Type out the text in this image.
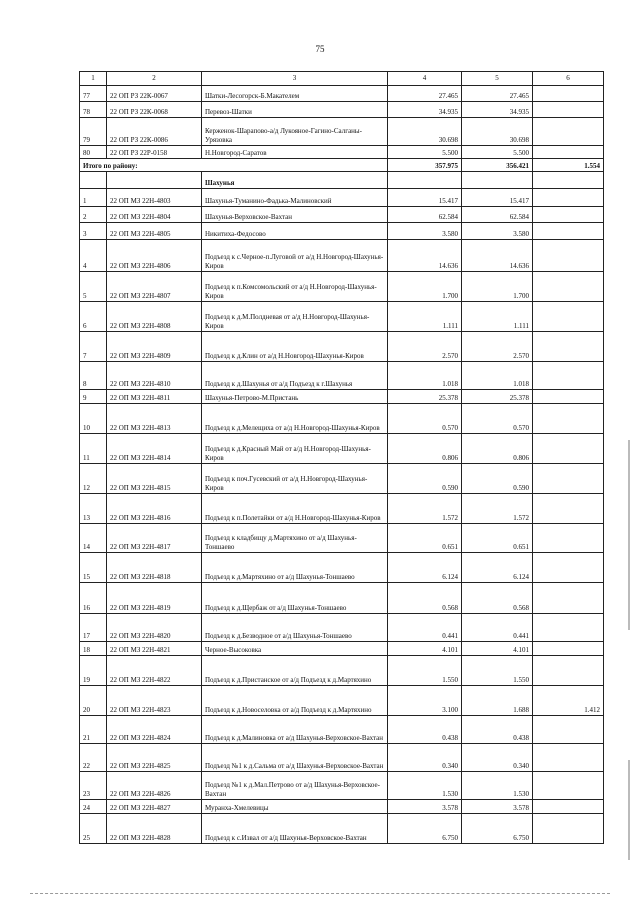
75
1	2	3	4	5	6
77	22 ОП РЗ 22К-0067	Шатки-Лесогорск-Б.Макателем	27.465	27.465	
78	22 ОП РЗ 22К-0068	Перевоз-Шатки	34.935	34.935	
79	22 ОП РЗ 22К-0086	Керженок-Шарапово-а/д Лукояное-Гагино-Салганы-Урязовка	30.698	30.698	
80	22 ОП РЗ 22Р-0158	Н.Новгород-Саратов	5.500	5.500	
Итого по району:			357.975	356.421	1.554
		Шахунья			
1	22 ОП МЗ 22Н-4803	Шахунья-Туманино-Фадька-Малиновский	15.417	15.417	
2	22 ОП МЗ 22Н-4804	Шахунья-Верховское-Вахтан	62.584	62.584	
3	22 ОП МЗ 22Н-4805	Никитиха-Федосово	3.580	3.580	
4	22 ОП МЗ 22Н-4806	Подъезд к с.Черное-п.Луговой от а/д Н.Новгород-Шахунья-Киров	14.636	14.636	
5	22 ОП МЗ 22Н-4807	Подъезд к п.Комсомольский от а/д Н.Новгород-Шахунья-Киров	1.700	1.700	
6	22 ОП МЗ 22Н-4808	Подъезд к д.М.Полдневая от а/д Н.Новгород-Шахунья-Киров	1.111	1.111	
7	22 ОП МЗ 22Н-4809	Подъезд к д.Клин от а/д Н.Новгород-Шахунья-Киров	2.570	2.570	
8	22 ОП МЗ 22Н-4810	Подъезд к д.Шахунья от а/д Подъезд к г.Шахунья	1.018	1.018	
9	22 ОП МЗ 22Н-4811	Шахунья-Петрово-М.Пристань	25.378	25.378	
10	22 ОП МЗ 22Н-4813	Подъезд к д.Мелещиха от а/д Н.Новгород-Шахунья-Киров	0.570	0.570	
11	22 ОП МЗ 22Н-4814	Подъезд к д.Красный Май от а/д Н.Новгород-Шахунья-Киров	0.806	0.806	
12	22 ОП МЗ 22Н-4815	Подъезд к поч.Гусевский от а/д Н.Новгород-Шахунья-Киров	0.590	0.590	
13	22 ОП МЗ 22Н-4816	Подъезд к п.Полетайки от а/д Н.Новгород-Шахунья-Киров	1.572	1.572	
14	22 ОП МЗ 22Н-4817	Подъезд к кладбищу д.Мартяхино от а/д Шахунья-Тоншаево	0.651	0.651	
15	22 ОП МЗ 22Н-4818	Подъезд к д.Мартяхино от а/д Шахунья-Тоншаево	6.124	6.124	
16	22 ОП МЗ 22Н-4819	Подъезд к д.Щербаж от а/д Шахунья-Тоншаево	0.568	0.568	
17	22 ОП МЗ 22Н-4820	Подъезд к д.Безводное от а/д Шахунья-Тоншаево	0.441	0.441	
18	22 ОП МЗ 22Н-4821	Черное-Высоковка	4.101	4.101	
19	22 ОП МЗ 22Н-4822	Подъезд к д.Пристанское от а/д Подъезд к д.Мартяхино	1.550	1.550	
20	22 ОП МЗ 22Н-4823	Подъезд к д.Новоселовка от а/д Подъезд к д.Мартяхино	3.100	1.688	1.412
21	22 ОП МЗ 22Н-4824	Подъезд к д.Малиновка от а/д Шахунья-Верховское-Вахтан	0.438	0.438	
22	22 ОП МЗ 22Н-4825	Подъезд №1 к д.Сальма от а/д Шахунья-Верховское-Вахтан	0.340	0.340	
23	22 ОП МЗ 22Н-4826	Подъезд №1 к д.Мал.Петрово от а/д Шахунья-Верховское-Вахтан	1.530	1.530	
24	22 ОП МЗ 22Н-4827	Муранха-Хмелевицы	3.578	3.578	
25	22 ОП МЗ 22Н-4828	Подъезд к с.Извал от а/д Шахунья-Верховское-Вахтан	6.750	6.750	
